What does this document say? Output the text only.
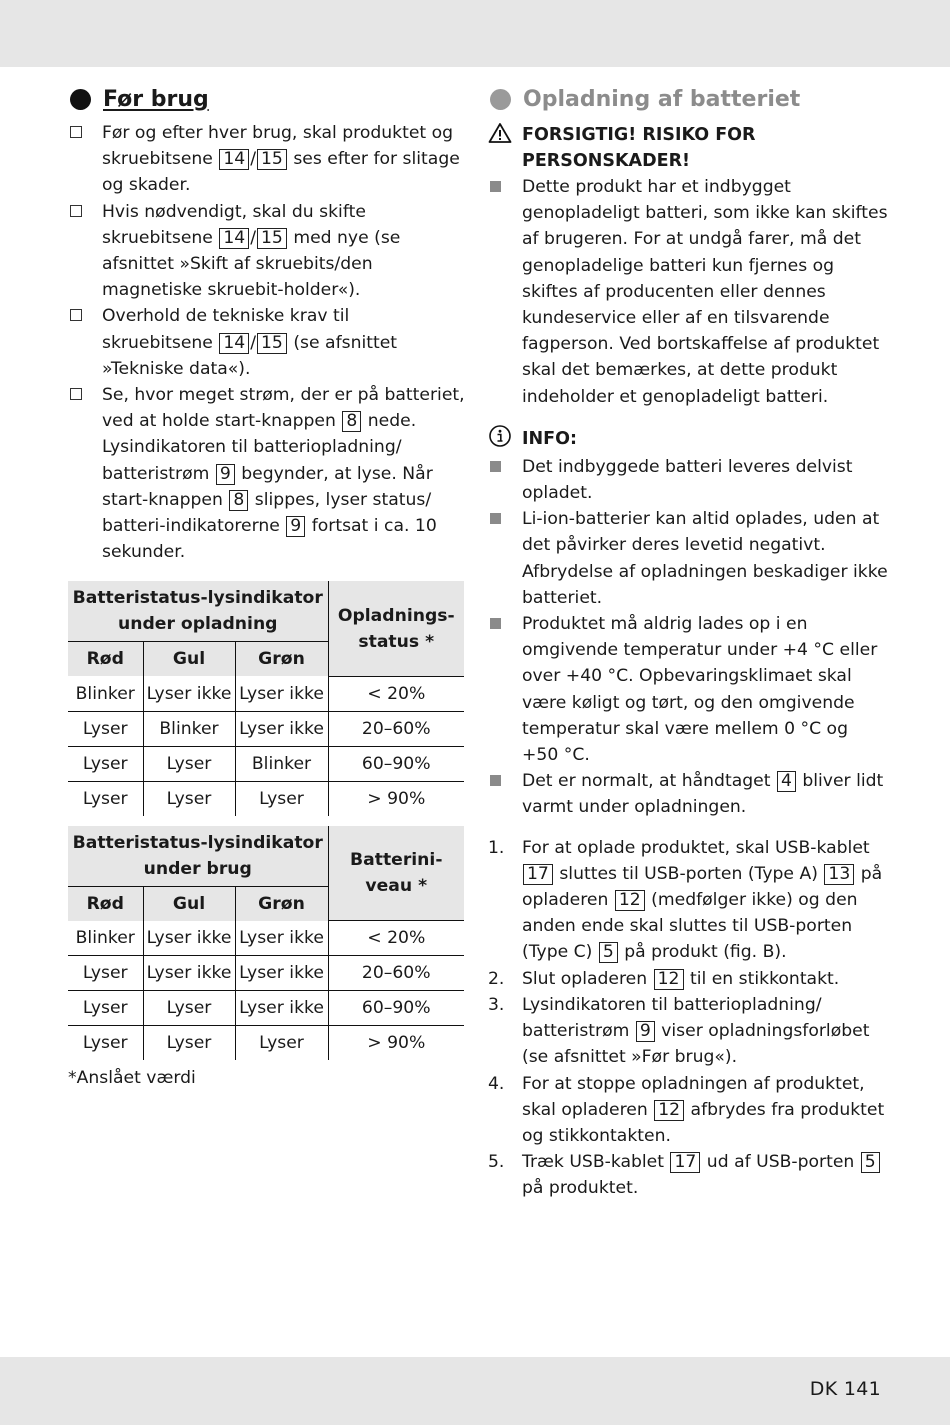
Før brug
Før og efter hver brug, skal produktet og skruebitsene 14 / 15 ses efter for slitage og skader.
Hvis nødvendigt, skal du skifte skruebitsene 14 / 15 med nye (se afsnittet »Skift af skruebits/den magnetiske skruebit-holder«).
Overhold de tekniske krav til skruebitsene 14 / 15 (se afsnittet »Tekniske data«).
Se, hvor meget strøm, der er på batteriet, ved at holde start-knappen 8 nede. Lysindikatoren til batteriopladning/ batteristrøm 9 begynder, at lyse. Når start-knappen 8 slippes, lyser status/ batteri-indikatorerne 9 fortsat i ca. 10 sekunder.
Batteristatus-lysindikator under opladning			Opladnings-status *
Rød	Gul	Grøn	
Blinker	Lyser ikke	Lyser ikke	< 20%
Lyser	Blinker	Lyser ikke	20–60%
Lyser	Lyser	Blinker	60–90%
Lyser	Lyser	Lyser	> 90%
Batteristatus-lysindikator under brug			Batterini-veau *
Rød	Gul	Grøn	
Blinker	Lyser ikke	Lyser ikke	< 20%
Lyser	Lyser ikke	Lyser ikke	20–60%
Lyser	Lyser	Lyser ikke	60–90%
Lyser	Lyser	Lyser	> 90%
*Anslået værdi
Opladning af batteriet
FORSIGTIG! RISIKO FOR PERSONSKADER!
Dette produkt har et indbygget genopladeligt batteri, som ikke kan skiftes af brugeren. For at undgå farer, må det genopladelige batteri kun fjernes og skiftes af producenten eller dennes kundeservice eller af en tilsvarende fagperson. Ved bortskaffelse af produktet skal det bemærkes, at dette produkt indeholder et genopladeligt batteri.
INFO:
Det indbyggede batteri leveres delvist opladet.
Li-ion-batterier kan altid oplades, uden at det påvirker deres levetid negativt. Afbrydelse af opladningen beskadiger ikke batteriet.
Produktet må aldrig lades op i en omgivende temperatur under +4 °C eller over +40 °C. Opbevaringsklimaet skal være køligt og tørt, og den omgivende temperatur skal være mellem 0 °C og +50 °C.
Det er normalt, at håndtaget 4 bliver lidt varmt under opladningen.
1.	For at oplade produktet, skal USB-kablet 17 sluttes til USB-porten (Type A) 13 på opladeren 12 (medfølger ikke) og den anden ende skal sluttes til USB-porten (Type C) 5 på produkt (fig. B).
2.	Slut opladeren 12 til en stikkontakt.
3.	Lysindikatoren til batteriopladning/ batteristrøm 9 viser opladningsforløbet (se afsnittet »Før brug«).
4.	For at stoppe opladningen af produktet, skal opladeren 12 afbrydes fra produktet og stikkontakten.
5.	Træk USB-kablet 17 ud af USB-porten 5 på produktet.
DK 141
